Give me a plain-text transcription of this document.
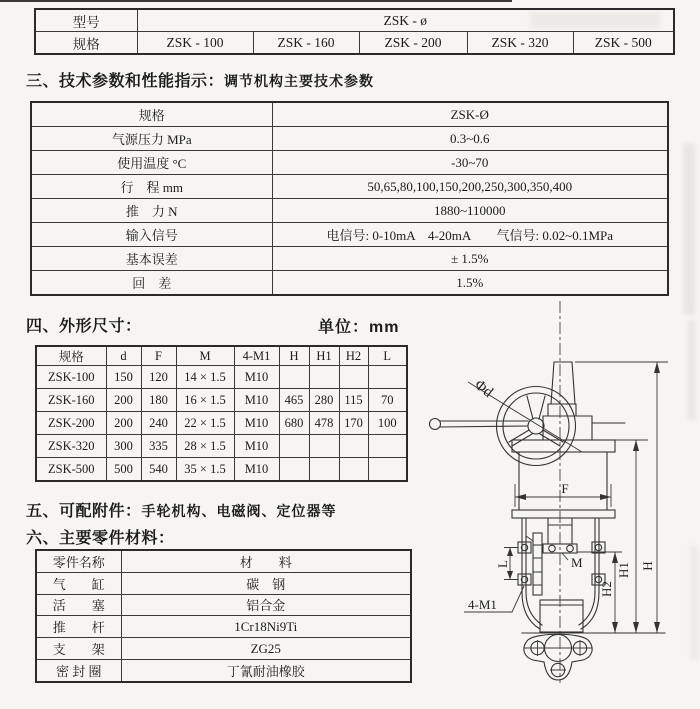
型号	ZSK - ø				
规格	ZSK - 100	ZSK - 160	ZSK - 200	ZSK - 320	ZSK - 500
三、技术参数和性能指示：调节机构主要技术参数
规格	ZSK-Ø
气源压力 MPa	0.3~0.6
使用温度 °C	-30~70
行　程 mm	50,65,80,100,150,200,250,300,350,400
推　力 N	1880~110000
输入信号	电信号: 0-10mA　4-20mA　　气信号: 0.02~0.1MPa
基本误差	± 1.5%
回　差	1.5%
四、外形尺寸：	单位：mm
规格	d	F	M	4-M1	H	H1	H2	L
ZSK-100	150	120	14 × 1.5	M10				
ZSK-160	200	180	16 × 1.5	M10	465	280	115	70
ZSK-200	200	240	22 × 1.5	M10	680	478	170	100
ZSK-320	300	335	28 × 1.5	M10				
ZSK-500	500	540	35 × 1.5	M10				
五、可配附件：手轮机构、电磁阀、定位器等
六、主要零件材料：
零件名称	材　　料
气　　缸	碳　钢
活　　塞	铝合金
推　　杆	1Cr18Ni9Ti
支　　架	ZG25
密 封 圈	丁氰耐油橡胶
F
L	M
4-M1
H2
H1 H
Φd
